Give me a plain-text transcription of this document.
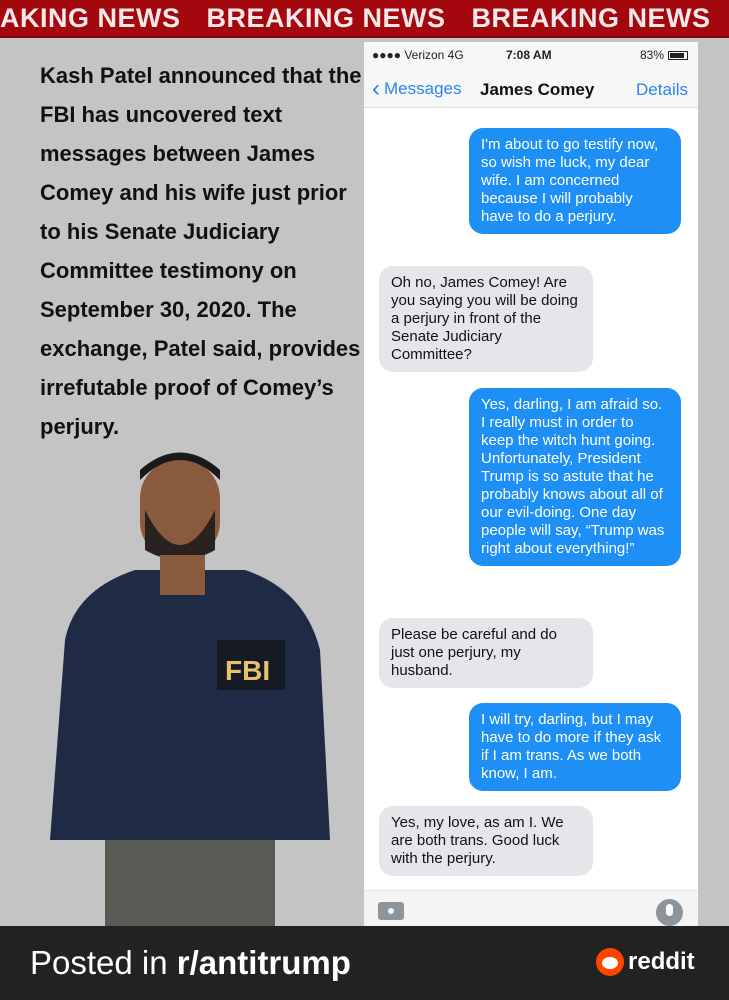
AKING NEWS BREAKING NEWS BREAKING NEWS
Kash Patel announced that the FBI has uncovered text messages between James Comey and his wife just prior to his Senate Judiciary Committee testimony on September 30, 2020. The exchange, Patel said, provides irrefutable proof of Comey’s perjury.
FBI
●●●● Verizon 4G	7:08 AM	83%
‹ Messages James Comey Details
I'm about to go testify now, so wish me luck, my dear wife. I am concerned because I will probably have to do a perjury.
Oh no, James Comey! Are you saying you will be doing a perjury in front of the Senate Judiciary Committee?
Yes, darling, I am afraid so. I really must in order to keep the witch hunt going. Unfortunately, President Trump is so astute that he probably knows about all of our evil-doing. One day people will say, “Trump was right about everything!”
Please be careful and do just one perjury, my husband.
I will try, darling, but I may have to do more if they ask if I am trans. As we both know, I am.
Yes, my love, as am I. We are both trans. Good luck with the perjury.
Posted in r/antitrump	reddit
